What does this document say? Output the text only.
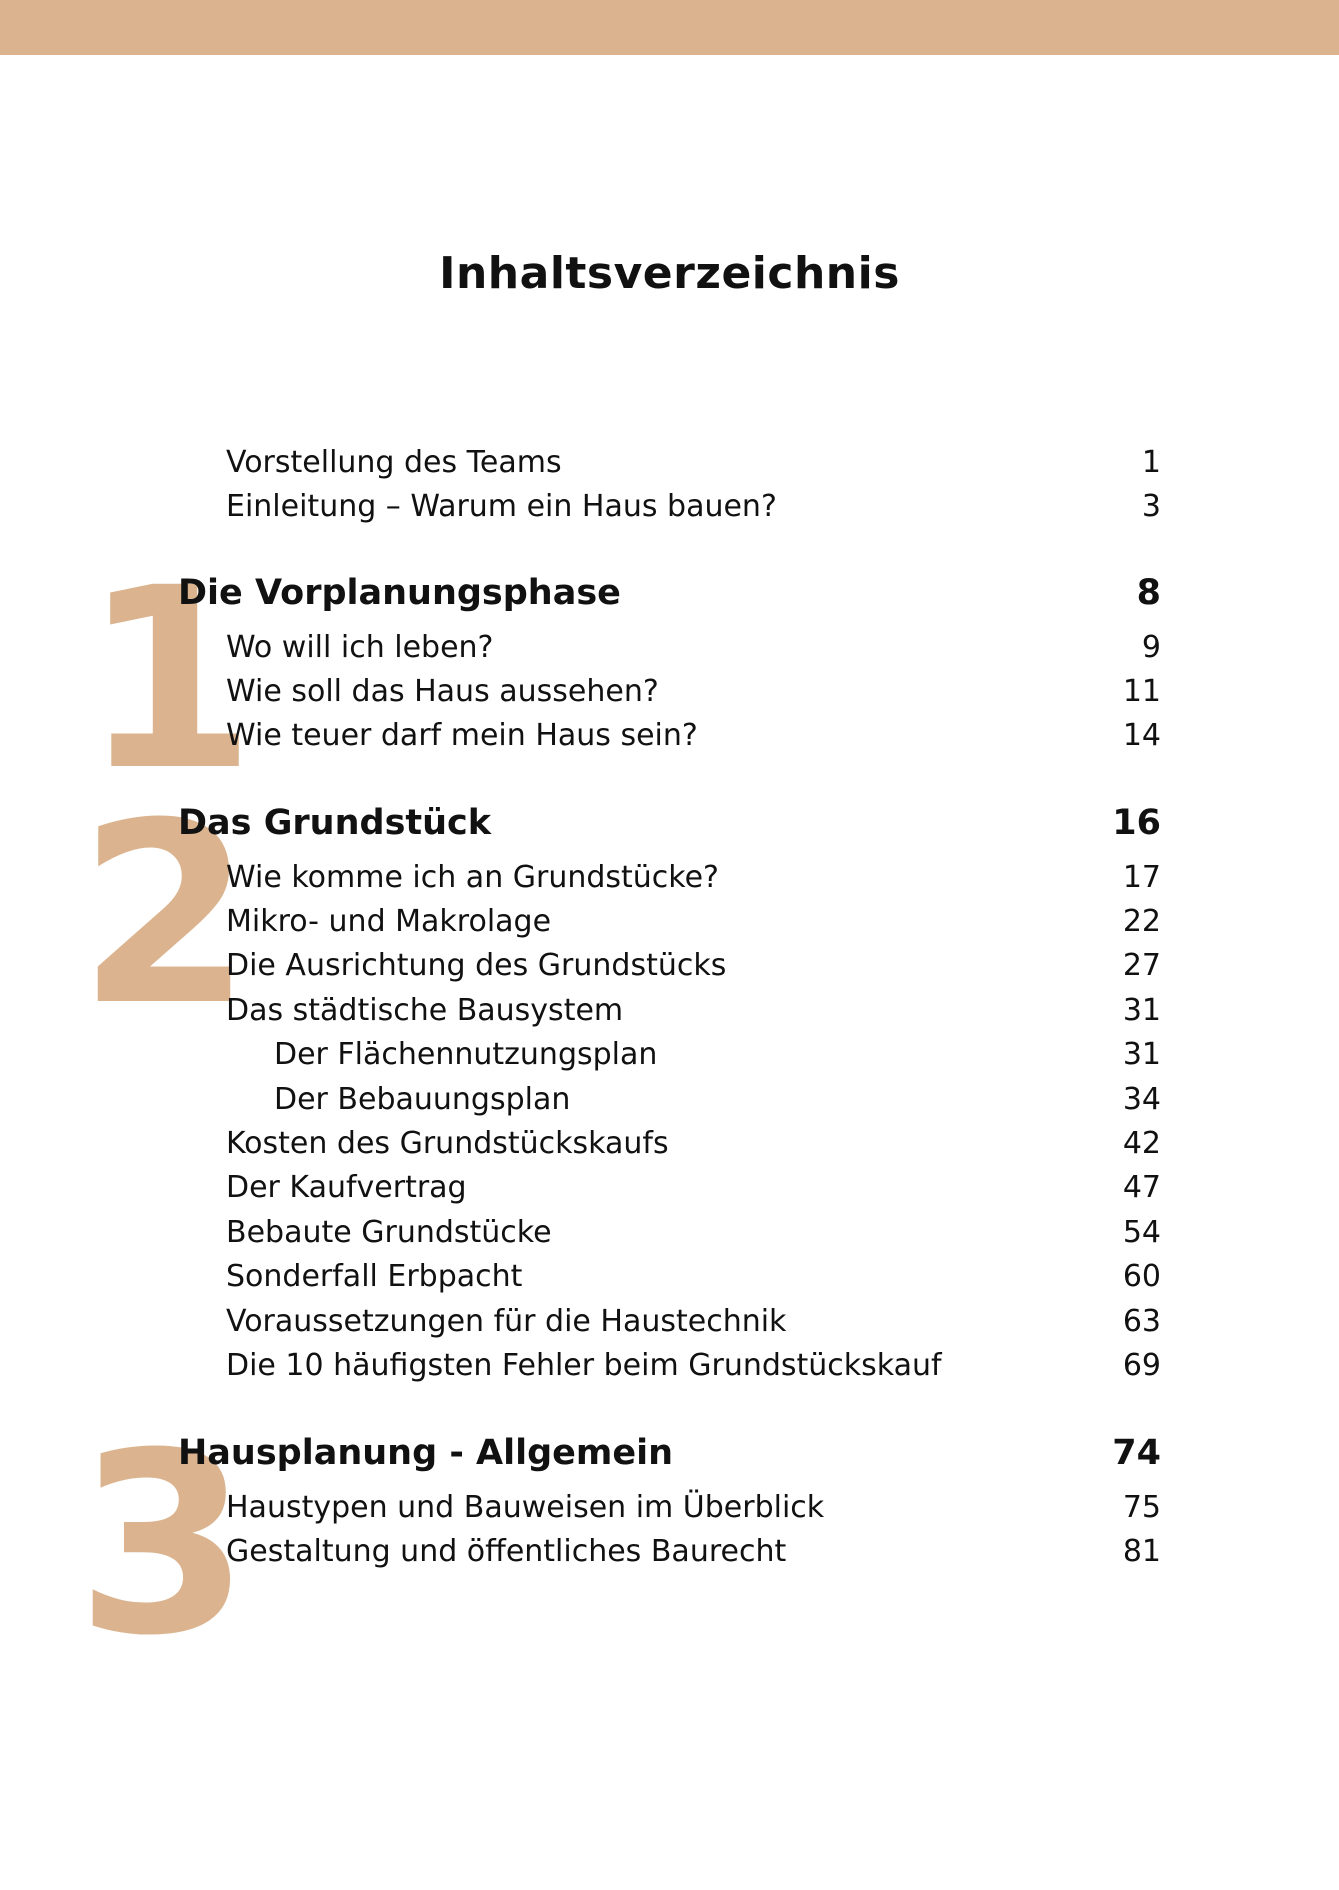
Inhaltsverzeichnis
Vorstellung des Teams	1
Einleitung – Warum ein Haus bauen?	3
1
Die Vorplanungsphase	8
Wo will ich leben?	9
Wie soll das Haus aussehen?	11
Wie teuer darf mein Haus sein?	14
2
Das Grundstück	16
Wie komme ich an Grundstücke?	17
Mikro- und Makrolage	22
Die Ausrichtung des Grundstücks	27
Das städtische Bausystem	31
Der Flächennutzungsplan	31
Der Bebauungsplan	34
Kosten des Grundstückskaufs	42
Der Kaufvertrag	47
Bebaute Grundstücke	54
Sonderfall Erbpacht	60
Voraussetzungen für die Haustechnik	63
Die 10 häufigsten Fehler beim Grundstückskauf	69
3
Hausplanung - Allgemein	74
Haustypen und Bauweisen im Überblick	75
Gestaltung und öffentliches Baurecht	81
